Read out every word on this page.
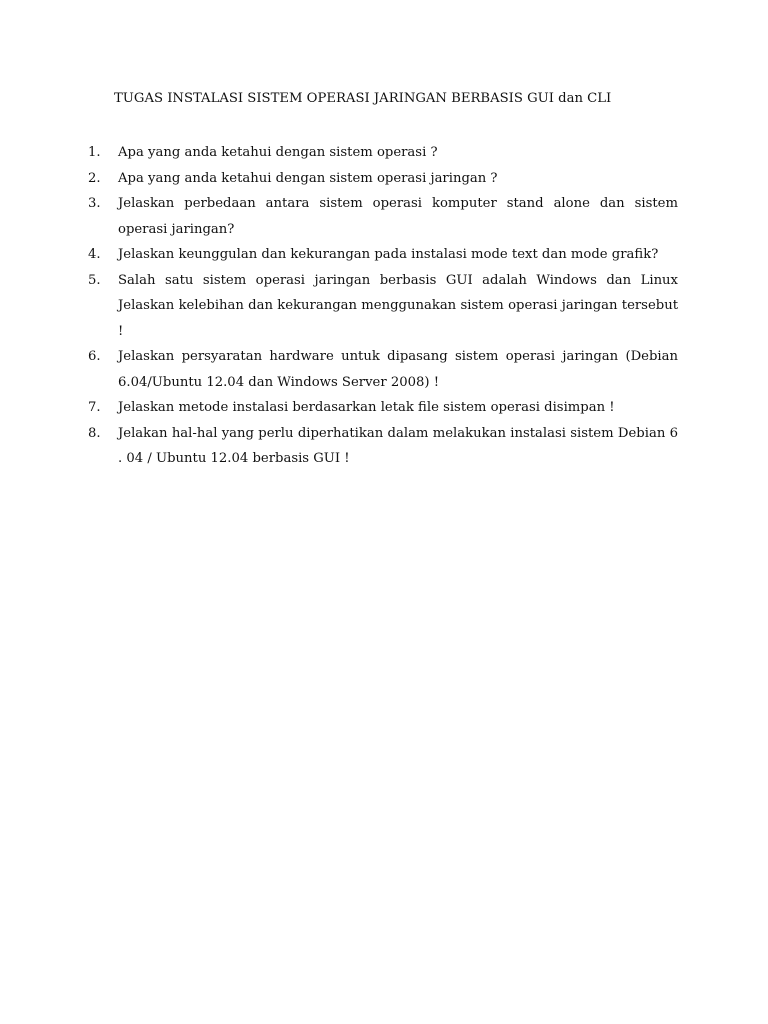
TUGAS INSTALASI SISTEM OPERASI JARINGAN BERBASIS GUI dan CLI
1.	Apa yang anda ketahui dengan sistem operasi ?
2.	Apa yang anda ketahui dengan sistem operasi jaringan ?
3.	Jelaskan perbedaan antara sistem operasi komputer stand alone dan sistem operasi jaringan?
4.	Jelaskan keunggulan dan kekurangan pada instalasi mode text dan mode grafik?
5.	Salah satu sistem operasi jaringan berbasis GUI adalah Windows dan Linux Jelaskan kelebihan dan kekurangan menggunakan sistem operasi jaringan tersebut !
6.	Jelaskan persyaratan hardware untuk dipasang sistem operasi jaringan (Debian 6.04/Ubuntu 12.04 dan Windows Server 2008) !
7.	Jelaskan metode instalasi berdasarkan letak file sistem operasi disimpan !
8.	Jelakan hal-hal yang perlu diperhatikan dalam melakukan instalasi sistem Debian 6 . 04 / Ubuntu 12.04 berbasis GUI !
